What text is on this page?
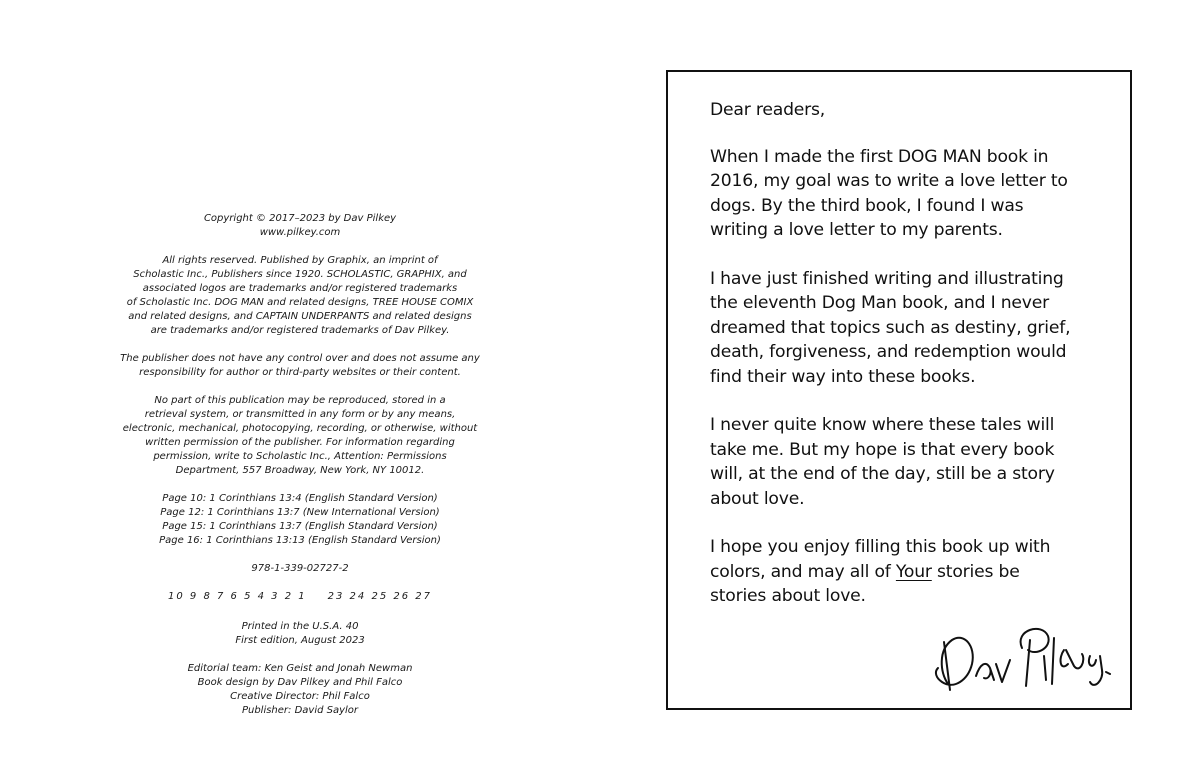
Copyright © 2017–2023 by Dav Pilkey
www.pilkey.com

All rights reserved. Published by Graphix, an imprint of
Scholastic Inc., Publishers since 1920. SCHOLASTIC, GRAPHIX, and
associated logos are trademarks and/or registered trademarks
of Scholastic Inc. DOG MAN and related designs, TREE HOUSE COMIX
and related designs, and CAPTAIN UNDERPANTS and related designs
are trademarks and/or registered trademarks of Dav Pilkey.

The publisher does not have any control over and does not assume any
responsibility for author or third-party websites or their content.

No part of this publication may be reproduced, stored in a
retrieval system, or transmitted in any form or by any means,
electronic, mechanical, photocopying, recording, or otherwise, without
written permission of the publisher. For information regarding
permission, write to Scholastic Inc., Attention: Permissions
Department, 557 Broadway, New York, NY 10012.

Page 10: 1 Corinthians 13:4 (English Standard Version)
Page 12: 1 Corinthians 13:7 (New International Version)
Page 15: 1 Corinthians 13:7 (English Standard Version)
Page 16: 1 Corinthians 13:13 (English Standard Version)

978-1-339-02727-2

10 9 8 7 6 5 4 3 2 1 23 24 25 26 27

Printed in the U.S.A. 40
First edition, August 2023

Editorial team: Ken Geist and Jonah Newman
Book design by Dav Pilkey and Phil Falco
Creative Director: Phil Falco
Publisher: David Saylor

Dear readers,

When I made the first DOG MAN book in
2016, my goal was to write a love letter to
dogs. By the third book, I found I was
writing a love letter to my parents.

I have just finished writing and illustrating
the eleventh Dog Man book, and I never
dreamed that topics such as destiny, grief,
death, forgiveness, and redemption would
find their way into these books.

I never quite know where these tales will
take me. But my hope is that every book
will, at the end of the day, still be a story
about love.

I hope you enjoy filling this book up with
colors, and may all of Your stories be
stories about love.
